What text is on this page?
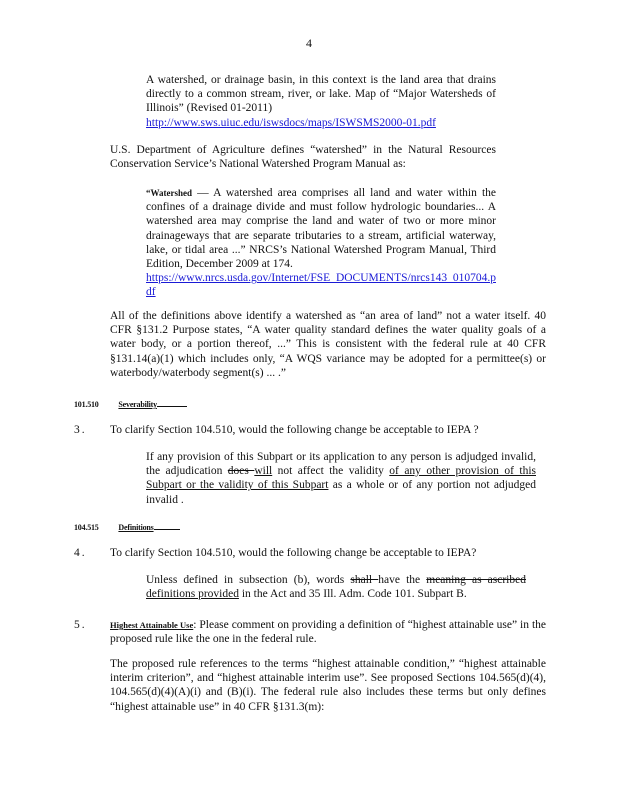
4

A watershed, or drainage basin, in this context is the land area that drains directly to a common stream, river, or lake. Map of “Major Watersheds of Illinois” (Revised 01-2011)

http://www.sws.uiuc.edu/iswsdocs/maps/ISWSMS2000-01.pdf
U.S. Department of Agriculture defines “watershed” in the Natural Resources Conservation Service’s National Watershed Program Manual as:

“Watershed — A watershed area comprises all land and water within the confines of a drainage divide and must follow hydrologic boundaries... A watershed area may comprise the land and water of two or more minor drainageways that are separate tributaries to a stream, artificial waterway, lake, or tidal area ...” NRCS’s National Watershed Program Manual, Third Edition, December 2009 at 174.

https://www.nrcs.usda.gov/Internet/FSE_DOCUMENTS/nrcs143_010704.pdf
All of the definitions above identify a watershed as “an area of land” not a water itself. 40 CFR §131.2 Purpose states, “A water quality standard defines the water quality goals of a water body, or a portion thereof, ...” This is consistent with the federal rule at 40 CFR §131.14(a)(1) which includes only, “A WQS variance may be adopted for a permittee(s) or waterbody/waterbody segment(s) ... .”
101.510 Severability
3. To clarify Section 104.510, would the following change be acceptable to IEPA ?
If any provision of this Subpart or its application to any person is adjudged invalid, the adjudication does will not affect the validity of any other provision of this Subpart or the validity of this Subpart as a whole or of any portion not adjudged invalid .
104.515 Definitions
4. To clarify Section 104.510, would the following change be acceptable to IEPA?
Unless defined in subsection (b), words shall have the meaning as ascribed definitions provided in the Act and 35 Ill. Adm. Code 101. Subpart B.
5.	Highest Attainable Use: Please comment on providing a definition of “highest attainable use” in the proposed rule like the one in the federal rule.
The proposed rule references to the terms “highest attainable condition,” “highest attainable interim criterion”, and “highest attainable interim use”. See proposed Sections 104.565(d)(4), 104.565(d)(4)(A)(i) and (B)(i). The federal rule also includes these terms but only defines “highest attainable use” in 40 CFR §131.3(m):
